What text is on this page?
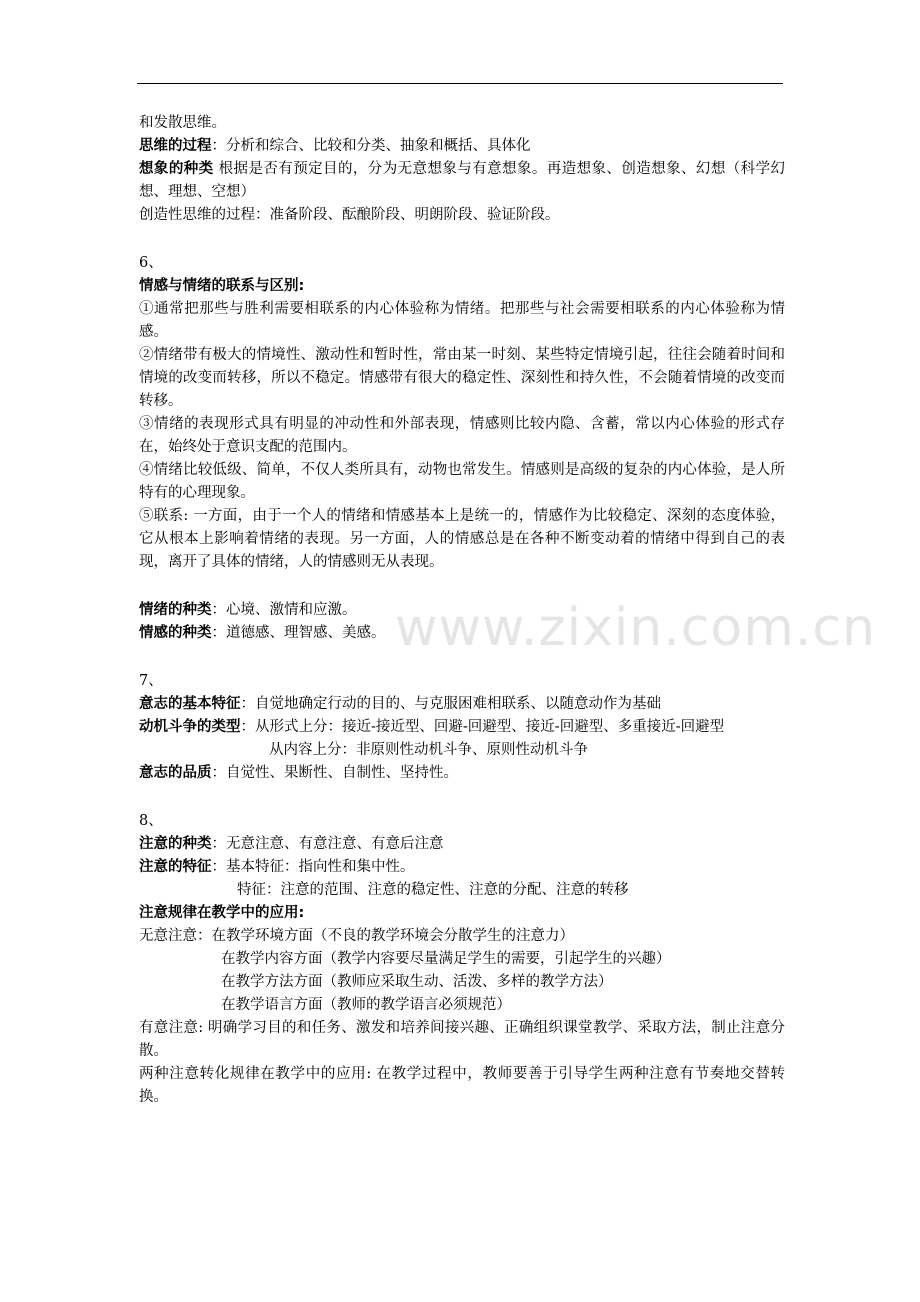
www.zixin.com.cn
和发散思维。
思维的过程：分析和综合、比较和分类、抽象和概括、具体化
想象的种类 根据是否有预定目的，分为无意想象与有意想象。再造想象、创造想象、幻想（科学幻想、理想、空想）
创造性思维的过程：准备阶段、酝酿阶段、明朗阶段、验证阶段。
6、
情感与情绪的联系与区别:
①通常把那些与胜利需要相联系的内心体验称为情绪。把那些与社会需要相联系的内心体验称为情感。
②情绪带有极大的情境性、激动性和暂时性，常由某一时刻、某些特定情境引起，往往会随着时间和情境的改变而转移，所以不稳定。情感带有很大的稳定性、深刻性和持久性，不会随着情境的改变而转移。
③情绪的表现形式具有明显的冲动性和外部表现，情感则比较内隐、含蓄，常以内心体验的形式存在，始终处于意识支配的范围内。
④情绪比较低级、简单，不仅人类所具有，动物也常发生。情感则是高级的复杂的内心体验，是人所特有的心理现象。
⑤联系: 一方面，由于一个人的情绪和情感基本上是统一的，情感作为比较稳定、深刻的态度体验，它从根本上影响着情绪的表现。另一方面，人的情感总是在各种不断变动着的情绪中得到自己的表现，离开了具体的情绪，人的情感则无从表现。
情绪的种类：心境、激情和应激。
情感的种类：道德感、理智感、美感。
7、
意志的基本特征：自觉地确定行动的目的、与克服困难相联系、以随意动作为基础
动机斗争的类型：从形式上分：接近-接近型、回避-回避型、接近-回避型、多重接近-回避型
从内容上分：非原则性动机斗争、原则性动机斗争
意志的品质：自觉性、果断性、自制性、坚持性。
8、
注意的种类：无意注意、有意注意、有意后注意
注意的特征：基本特征：指向性和集中性。
特征：注意的范围、注意的稳定性、注意的分配、注意的转移
注意规律在教学中的应用:
无意注意：在教学环境方面（不良的教学环境会分散学生的注意力）
在教学内容方面（教学内容要尽量满足学生的需要，引起学生的兴趣）
在教学方法方面（教师应采取生动、活泼、多样的教学方法）
在教学语言方面（教师的教学语言必须规范）
有意注意: 明确学习目的和任务、激发和培养间接兴趣、正确组织课堂教学、采取方法，制止注意分散。
两种注意转化规律在教学中的应用: 在教学过程中，教师要善于引导学生两种注意有节奏地交替转换。
